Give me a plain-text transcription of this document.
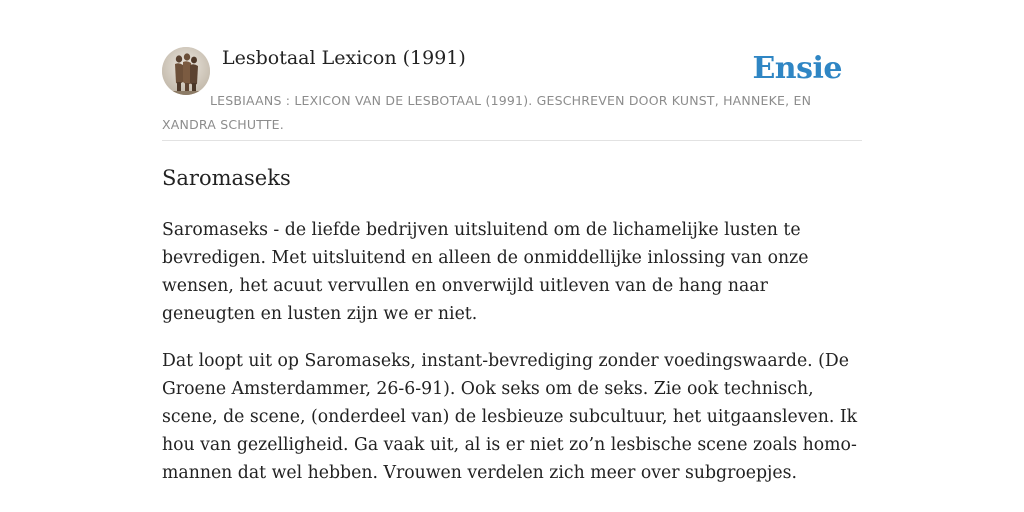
Lesbotaal Lexicon (1991)	Ensie
LESBIAANS : LEXICON VAN DE LESBOTAAL (1991). GESCHREVEN DOOR KUNST, HANNEKE, EN XANDRA SCHUTTE.
Saromaseks

Saromaseks - de liefde bedrijven uitsluitend om de lichamelijke lusten te bevredigen. Met uitsluitend en alleen de onmiddellijke inlossing van onze wensen, het acuut vervullen en onverwijld uitleven van de hang naar geneugten en lusten zijn we er niet.

Dat loopt uit op Saromaseks, instant-bevrediging zonder voedingswaarde. (De Groene Amsterdammer, 26-6-91). Ook seks om de seks. Zie ook technisch, scene, de scene, (onderdeel van) de lesbieuze subcultuur, het uitgaansleven. Ik hou van gezelligheid. Ga vaak uit, al is er niet zo’n lesbische scene zoals homo-mannen dat wel hebben. Vrouwen verdelen zich meer over subgroepjes.
